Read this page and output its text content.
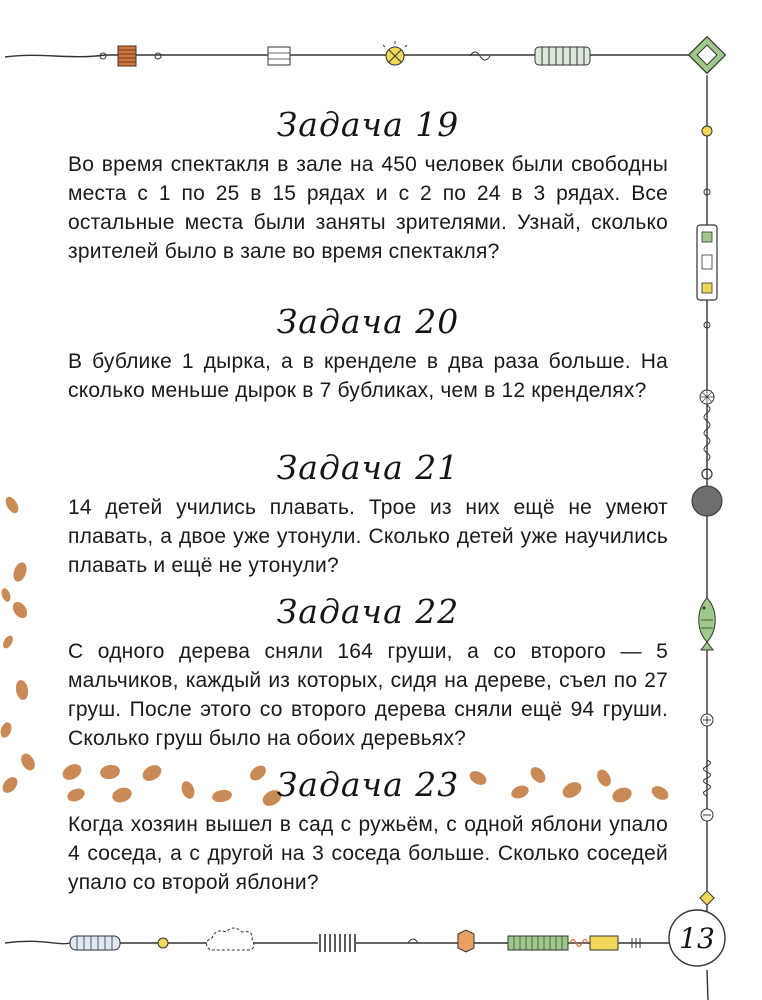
Задача 19

Во время спектакля в зале на 450 человек были свободны места с 1 по 25 в 15 рядах и с 2 по 24 в 3 рядах. Все остальные места были заняты зрителями. Узнай, сколько зрителей было в зале во время спектакля?

Задача 20

В бублике 1 дырка, а в кренделе в два раза больше. На сколько меньше дырок в 7 бубликах, чем в 12 кренделях?

Задача 21

14 детей учились плавать. Трое из них ещё не умеют плавать, а двое уже утонули. Сколько детей уже научились плавать и ещё не утонули?

Задача 22

С одного дерева сняли 164 груши, а со второго — 5 мальчиков, каждый из которых, сидя на дереве, съел по 27 груш. После этого со второго дерева сняли ещё 94 груши. Сколько груш было на обоих деревьях?

Задача 23

Когда хозяин вышел в сад с ружьём, с одной яблони упало 4 соседа, а с другой на 3 соседа больше. Сколько соседей упало со второй яблони?

13
